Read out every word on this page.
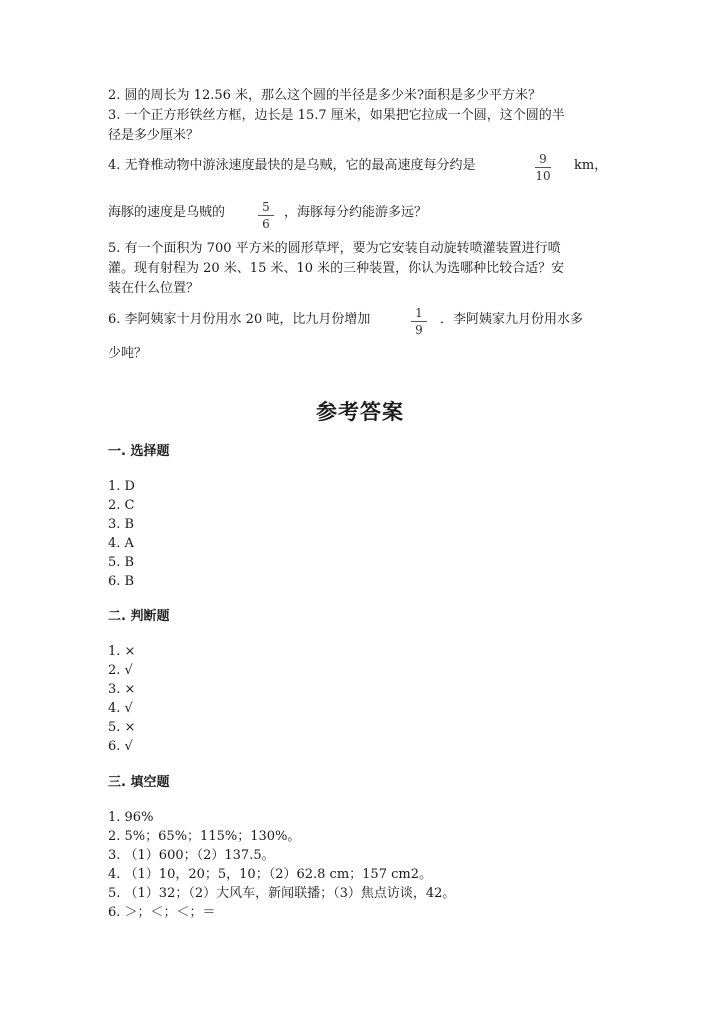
2. 圆的周长为 12.56 米，那么这个圆的半径是多少米?面积是多少平方米？
3. 一个正方形铁丝方框，边长是 15.7 厘米，如果把它拉成一个圆，这个圆的半
径是多少厘米？
4. 无脊椎动物中游泳速度最快的是乌贼，它的最高速度每分约是	9
10
km，
海豚的速度是乌贼的	5
6
，海豚每分约能游多远？
5. 有一个面积为 700 平方米的圆形草坪，要为它安装自动旋转喷灌装置进行喷
灌。现有射程为 20 米、15 米、10 米的三种装置，你认为选哪种比较合适？安
装在什么位置？
6. 李阿姨家十月份用水 20 吨，比九月份增加	1
9
．李阿姨家九月份用水多
少吨？
参考答案
一. 选择题
1. D
2. C
3. B
4. A
5. B
6. B
二. 判断题
1. ×
2. √
3. ×
4. √
5. ×
6. √
三. 填空题
1. 96%
2. 5%；65%；115%；130%。
3. （1）600；（2）137.5。
4. （1）10，20；5，10；（2）62.8 cm；157 cm2。
5. （1）32；（2）大风车，新闻联播；（3）焦点访谈，42。
6. ＞；＜；＜；＝
